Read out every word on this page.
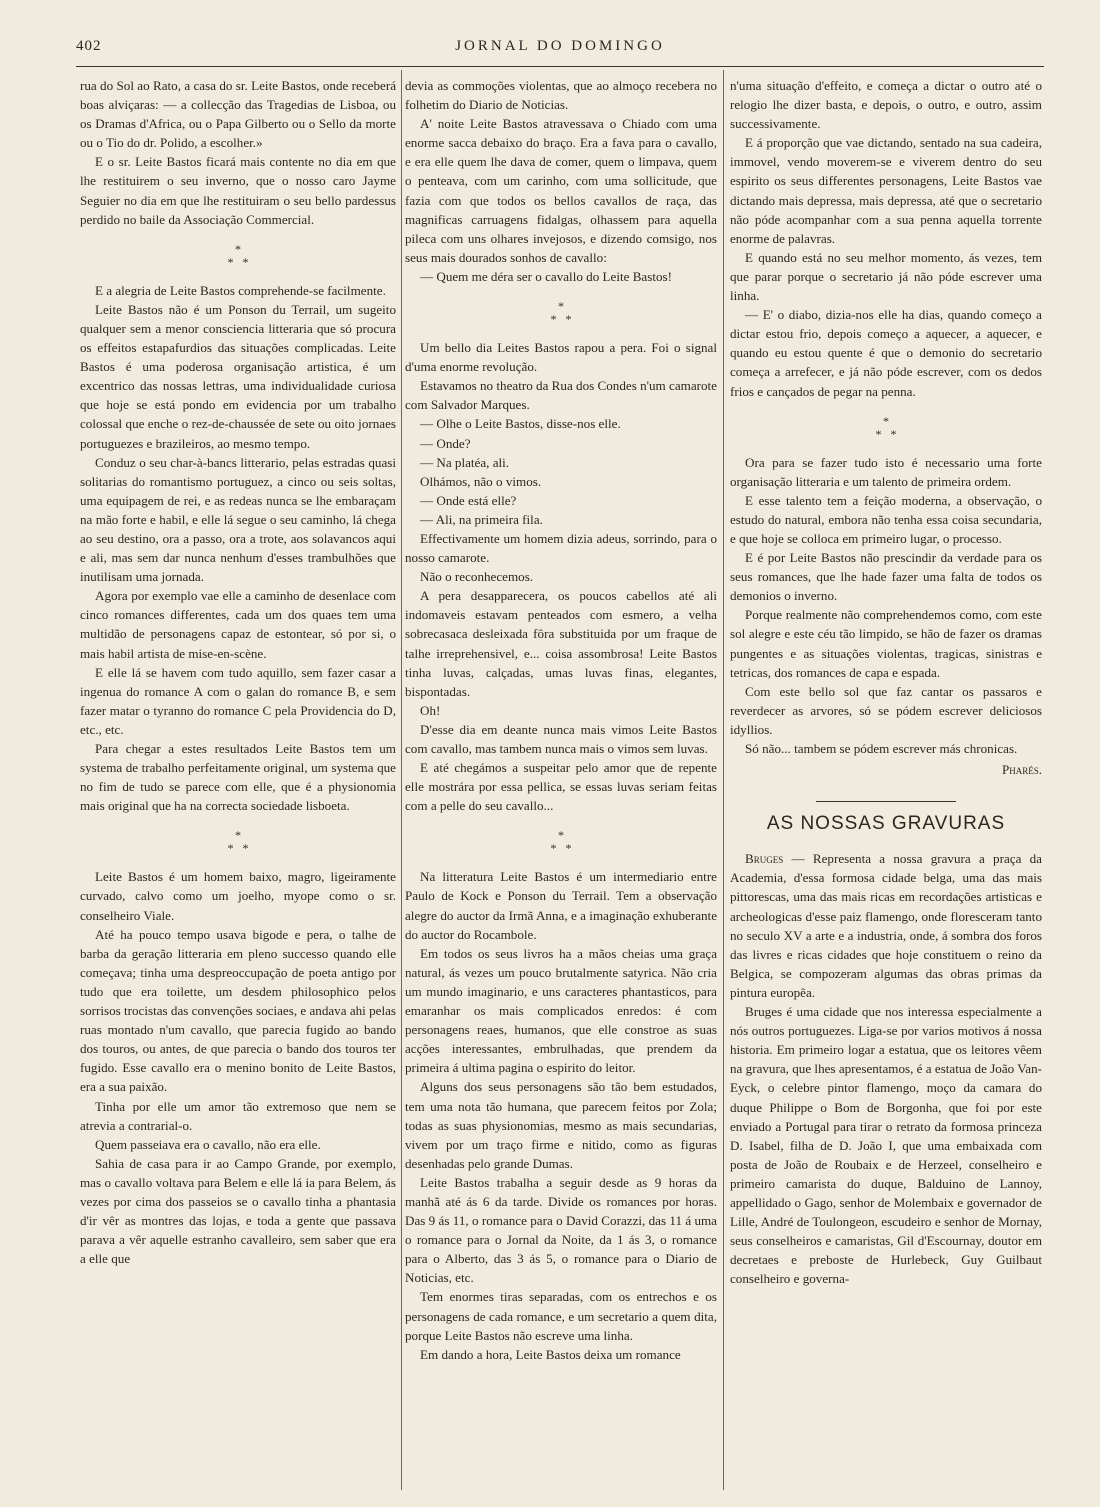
402	JORNAL DO DOMINGO

rua do Sol ao Rato, a casa do sr. Leite Bastos, onde receberá boas alviçaras: — a collecção das Tragedias de Lisboa, ou os Dramas d'Africa, ou o Papa Gilberto ou o Sello da morte ou o Tio do dr. Polido, a escolher.»

E o sr. Leite Bastos ficará mais contente no dia em que lhe restituirem o seu inverno, que o nosso caro Jayme Seguier no dia em que lhe restituiram o seu bello pardessus perdido no baile da Associação Commercial.

*
*   *

E a alegria de Leite Bastos comprehende-se facilmente.

Leite Bastos não é um Ponson du Terrail, um sugeito qualquer sem a menor consciencia litteraria que só procura os effeitos estapafurdios das situações complicadas. Leite Bastos é uma poderosa organisação artistica, é um excentrico das nossas lettras, uma individualidade curiosa que hoje se está pondo em evidencia por um trabalho colossal que enche o rez-de-chaussée de sete ou oito jornaes portuguezes e brazileiros, ao mesmo tempo.

Conduz o seu char-à-bancs litterario, pelas estradas quasi solitarias do romantismo portuguez, a cinco ou seis soltas, uma equipagem de rei, e as redeas nunca se lhe embaraçam na mão forte e habil, e elle lá segue o seu caminho, lá chega ao seu destino, ora a passo, ora a trote, aos solavancos aqui e ali, mas sem dar nunca nenhum d'esses trambulhões que inutilisam uma jornada.

Agora por exemplo vae elle a caminho de desenlace com cinco romances differentes, cada um dos quaes tem uma multidão de personagens capaz de estontear, só por si, o mais habil artista de mise-en-scène.

E elle lá se havem com tudo aquillo, sem fazer casar a ingenua do romance A com o galan do romance B, e sem fazer matar o tyranno do romance C pela Providencia do D, etc., etc.

Para chegar a estes resultados Leite Bastos tem um systema de trabalho perfeitamente original, um systema que no fim de tudo se parece com elle, que é a physionomia mais original que ha na correcta sociedade lisboeta.

*
*   *

Leite Bastos é um homem baixo, magro, ligeiramente curvado, calvo como um joelho, myope como o sr. conselheiro Viale.

Até ha pouco tempo usava bigode e pera, o talhe de barba da geração litteraria em pleno successo quando elle começava; tinha uma despreoccupação de poeta antigo por tudo que era toilette, um desdem philosophico pelos sorrisos trocistas das convenções sociaes, e andava ahi pelas ruas montado n'um cavallo, que parecia fugido ao bando dos touros, ou antes, de que parecia o bando dos touros ter fugido. Esse cavallo era o menino bonito de Leite Bastos, era a sua paixão.

Tinha por elle um amor tão extremoso que nem se atrevia a contrarial-o.

Quem passeiava era o cavallo, não era elle.

Sahia de casa para ir ao Campo Grande, por exemplo, mas o cavallo voltava para Belem e elle lá ia para Belem, ás vezes por cima dos passeios se o cavallo tinha a phantasia d'ir vêr as montres das lojas, e toda a gente que passava parava a vêr aquelle estranho cavalleiro, sem saber que era a elle que

devia as commoções violentas, que ao almoço recebera no folhetim do Diario de Noticias.

A' noite Leite Bastos atravessava o Chiado com uma enorme sacca debaixo do braço. Era a fava para o cavallo, e era elle quem lhe dava de comer, quem o limpava, quem o penteava, com um carinho, com uma sollicitude, que fazia com que todos os bellos cavallos de raça, das magnificas carruagens fidalgas, olhassem para aquella pileca com uns olhares invejosos, e dizendo comsigo, nos seus mais dourados sonhos de cavallo:

— Quem me déra ser o cavallo do Leite Bastos!

*
*   *

Um bello dia Leites Bastos rapou a pera. Foi o signal d'uma enorme revolução.

Estavamos no theatro da Rua dos Condes n'um camarote com Salvador Marques.

— Olhe o Leite Bastos, disse-nos elle.

— Onde?

— Na platéa, ali.

Olhámos, não o vimos.

— Onde está elle?

— Ali, na primeira fila.

Effectivamente um homem dizia adeus, sorrindo, para o nosso camarote.

Não o reconhecemos.

A pera desapparecera, os poucos cabellos até ali indomaveis estavam penteados com esmero, a velha sobrecasaca desleixada fôra substituida por um fraque de talhe irreprehensivel, e... coisa assombrosa! Leite Bastos tinha luvas, calçadas, umas luvas finas, elegantes, bispontadas.

Oh!

D'esse dia em deante nunca mais vimos Leite Bastos com cavallo, mas tambem nunca mais o vimos sem luvas.

E até chegámos a suspeitar pelo amor que de repente elle mostrára por essa pellica, se essas luvas seriam feitas com a pelle do seu cavallo...

*
*   *

Na litteratura Leite Bastos é um intermediario entre Paulo de Kock e Ponson du Terrail. Tem a observação alegre do auctor da Irmã Anna, e a imaginação exhuberante do auctor do Rocambole.

Em todos os seus livros ha a mãos cheias uma graça natural, ás vezes um pouco brutalmente satyrica. Não cria um mundo imaginario, e uns caracteres phantasticos, para emaranhar os mais complicados enredos: é com personagens reaes, humanos, que elle constroe as suas acções interessantes, embrulhadas, que prendem da primeira á ultima pagina o espirito do leitor.

Alguns dos seus personagens são tão bem estudados, tem uma nota tão humana, que parecem feitos por Zola; todas as suas physionomias, mesmo as mais secundarias, vivem por um traço firme e nitido, como as figuras desenhadas pelo grande Dumas.

Leite Bastos trabalha a seguir desde as 9 horas da manhã até ás 6 da tarde. Divide os romances por horas. Das 9 ás 11, o romance para o David Corazzi, das 11 á uma o romance para o Jornal da Noite, da 1 ás 3, o romance para o Alberto, das 3 ás 5, o romance para o Diario de Noticias, etc.

Tem enormes tiras separadas, com os entrechos e os personagens de cada romance, e um secretario a quem dita, porque Leite Bastos não escreve uma linha.

Em dando a hora, Leite Bastos deixa um romance

n'uma situação d'effeito, e começa a dictar o outro até o relogio lhe dizer basta, e depois, o outro, e outro, assim successivamente.

E á proporção que vae dictando, sentado na sua cadeira, immovel, vendo moverem-se e viverem dentro do seu espirito os seus differentes personagens, Leite Bastos vae dictando mais depressa, mais depressa, até que o secretario não póde acompanhar com a sua penna aquella torrente enorme de palavras.

E quando está no seu melhor momento, ás vezes, tem que parar porque o secretario já não póde escrever uma linha.

— E' o diabo, dizia-nos elle ha dias, quando começo a dictar estou frio, depois começo a aquecer, a aquecer, e quando eu estou quente é que o demonio do secretario começa a arrefecer, e já não póde escrever, com os dedos frios e cançados de pegar na penna.

*
*   *

Ora para se fazer tudo isto é necessario uma forte organisação litteraria e um talento de primeira ordem.

E esse talento tem a feição moderna, a observação, o estudo do natural, embora não tenha essa coisa secundaria, e que hoje se colloca em primeiro lugar, o processo.

E é por Leite Bastos não prescindir da verdade para os seus romances, que lhe hade fazer uma falta de todos os demonios o inverno.

Porque realmente não comprehendemos como, com este sol alegre e este céu tão limpido, se hão de fazer os dramas pungentes e as situações violentas, tragicas, sinistras e tetricas, dos romances de capa e espada.

Com este bello sol que faz cantar os passaros e reverdecer as arvores, só se pódem escrever deliciosos idyllios.

Só não... tambem se pódem escrever más chronicas.

Pharés.
AS NOSSAS GRAVURAS

Bruges — Representa a nossa gravura a praça da Academia, d'essa formosa cidade belga, uma das mais pittorescas, uma das mais ricas em recordações artisticas e archeologicas d'esse paiz flamengo, onde floresceram tanto no seculo XV a arte e a industria, onde, á sombra dos foros das livres e ricas cidades que hoje constituem o reino da Belgica, se compozeram algumas das obras primas da pintura europêa.

Bruges é uma cidade que nos interessa especialmente a nós outros portuguezes. Liga-se por varios motivos á nossa historia. Em primeiro logar a estatua, que os leitores vêem na gravura, que lhes apresentamos, é a estatua de João Van-Eyck, o celebre pintor flamengo, moço da camara do duque Philippe o Bom de Borgonha, que foi por este enviado a Portugal para tirar o retrato da formosa princeza D. Isabel, filha de D. João I, que uma embaixada com posta de João de Roubaix e de Herzeel, conselheiro e primeiro camarista do duque, Balduino de Lannoy, appellidado o Gago, senhor de Molembaix e governador de Lille, André de Toulongeon, escudeiro e senhor de Mornay, seus conselheiros e camaristas, Gil d'Escournay, doutor em decretaes e preboste de Hurlebeck, Guy Guilbaut conselheiro e governa-
